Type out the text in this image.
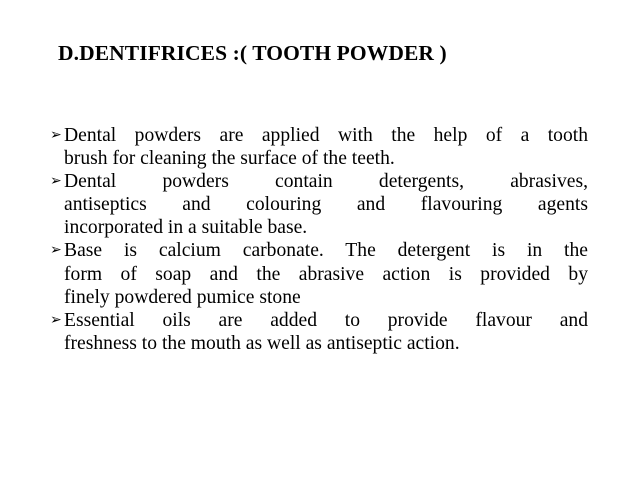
D.DENTIFRICES :( TOOTH POWDER )
➢ Dental powders are applied with the help of a tooth
brush for cleaning the surface of the teeth.
➢ Dental powders contain detergents, abrasives,
antiseptics and colouring and flavouring agents
incorporated in a suitable base.
➢ Base is calcium carbonate. The detergent is in the
form of soap and the abrasive action is provided by
finely powdered pumice stone
➢ Essential oils are added to provide flavour and
freshness to the mouth as well as antiseptic action.
